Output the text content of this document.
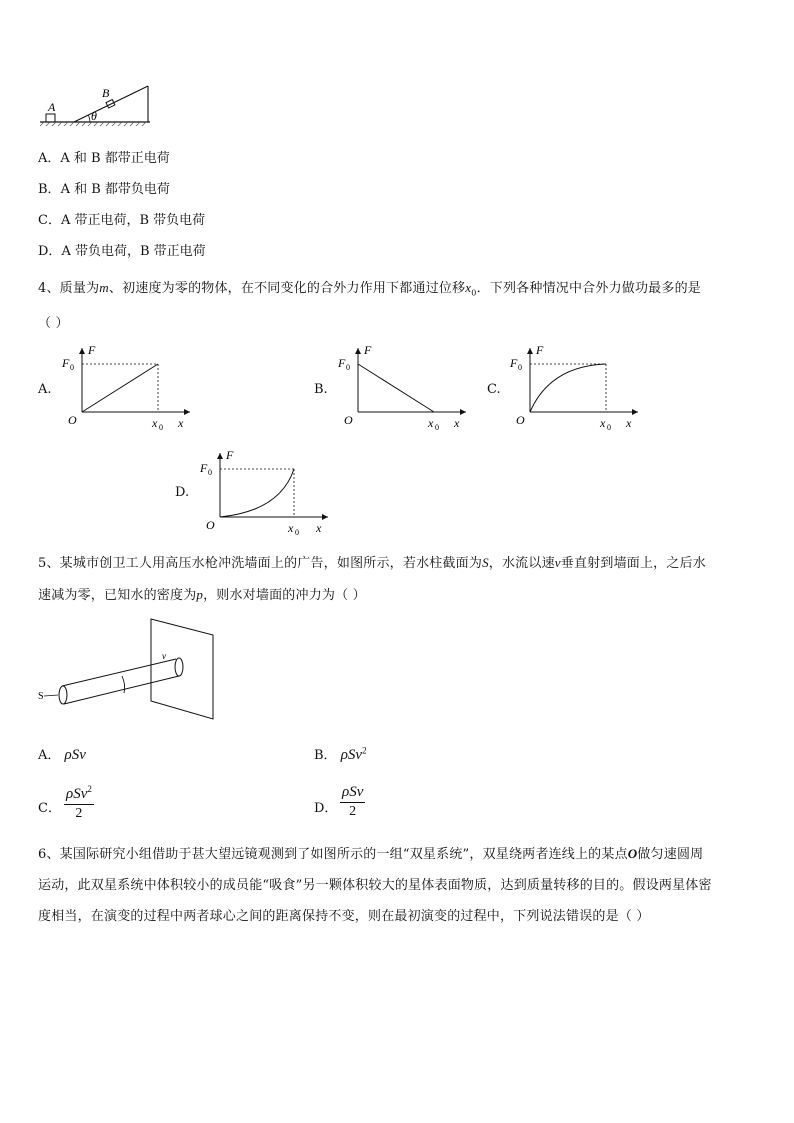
A
B
θ
A．A 和 B 都带正电荷
B．A 和 B 都带负电荷
C．A 带正电荷，B 带负电荷
D．A 带负电荷，B 带正电荷
4、质量为m、初速度为零的物体，在不同变化的合外力作用下都通过位移$x_0$．下列各种情况中合外力做功最多的是
（ ）
A.	B.	C.
D.
F
F 0
O	x 0 x
F
F 0
O	x 0 x
F
F 0
O	x 0 x
F
F 0
O	x 0 x
5、某城市创卫工人用高压水枪冲洗墙面上的广告，如图所示，若水柱截面为S，水流以速v垂直射到墙面上，之后水
速减为零，已知水的密度为p，则水对墙面的冲力为（ ）
S
v
A． ρSv	B． ρSv$^2$
C．
ρSv$^2$
2	D．
ρSv
2
6、某国际研究小组借助于甚大望远镜观测到了如图所示的一组“双星系统”，双星绕两者连线上的某点O做匀速圆周
运动，此双星系统中体积较小的成员能“吸食”另一颗体积较大的星体表面物质，达到质量转移的目的。假设两星体密
度相当，在演变的过程中两者球心之间的距离保持不变，则在最初演变的过程中，下列说法错误的是（ ）
